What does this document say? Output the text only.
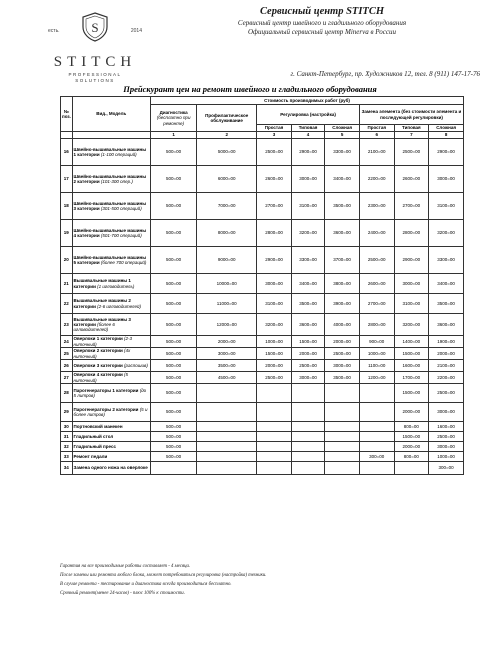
есть.	2014
S
STITCH
PROFESSIONAL
SOLUTIONS
Сервисный центр STITCH
Сервисный центр швейного и гладильного оборудования
Официальный сервисный центр Minerva в России
г. Санкт-Петербург, пр. Художников 12, тел. 8 (911) 147-17-76
Прейскурант цен на ремонт швейного и гладильного оборудования
№ поз.	Вид., Модель	Стоимость производимых работ (руб)							
		Диагностика
(бесплатно при ремонте)	Профилактическое обслуживание	Регулировка (настройка)			Замена элемента (без стоимости элемента и последующей регулировки)		
				Простая	Типовая	Сложная	Простая	Типовая	Сложная
		1	2	3	4	5	6	7	8
16	Швейно-вышивальные машины 1 категории (1-100 операций)	500=00	5000=00	2500=00	2900=00	3300=00	2100=00	2500=00	2900=00
17	Швейно-вышивальные машины 2 категории (101-300 опер.)	500=00	6000=00	2600=00	3000=00	3400=00	2200=00	2600=00	3000=00
18	Швейно-вышивальные машины 3 категории (301-500 операций)	500=00	7000=00	2700=00	3100=00	3500=00	2300=00	2700=00	3100=00
19	Швейно-вышивальные машины 4 категории (501-700 операций)	500=00	8000=00	2800=00	3200=00	3600=00	2400=00	2800=00	3200=00
20	Швейно-вышивальные машины 5 категории (более 700 операций)	500=00	9000=00	2900=00	3300=00	3700=00	2500=00	2900=00	3300=00
21	Вышивальные машины 1 категории (1 игловодитель)	500=00	10000=00	3000=00	3400=00	3800=00	2600=00	3000=00	3400=00
22	Вышивальные машины 2 категории (2-6 игловодителей)	500=00	11000=00	3100=00	3500=00	3900=00	2700=00	3100=00	3500=00
23	Вышивальные машины 3 категории (более 6 игловодителей)	500=00	12000=00	3200=00	3600=00	4000=00	2800=00	3200=00	3600=00
24	Оверлоки 1 категории (2-3 ниточный)	500=00	2000=00	1000=00	1500=00	2000=00	900=00	1400=00	1900=00
25	Оверлоки 2 категории (4х ниточный)	500=00	3000=00	1500=00	2000=00	2500=00	1000=00	1500=00	2000=00
26	Оверлоки 3 категории (распошив)	500=00	3500=00	2000=00	2500=00	3000=00	1100=00	1600=00	2100=00
27	Оверлоки 4 категории (5 ниточный)	500=00	4500=00	2500=00	3000=00	3500=00	1200=00	1700=00	2200=00
28	Парогенераторы 1 категории (до 5 литров)	500=00						1500=00	2500=00
29	Парогенераторы 2 категории (5 и более литров)	500=00						2000=00	3000=00
30	Портновский манекен	500=00						800=00	1600=00
31	Гладильный стол	500=00						1500=00	2500=00
32	Гладильный пресс	500=00						2000=00	3000=00
33	Ремонт педали	500=00					300=00	800=00	1000=00
34	Замена одного ножа на оверлоке								300=00
Гарантия на все производимые работы составляет - 4 месяца.
После замены или ремонта любого блока, может потребоваться регулировка (настройка) техники.
В случае ремонта - тестирование и диагностика всегда производиться бесплатно.
Срочный ремонт(менее 24-часов) - плюс 100% к стоимости.
